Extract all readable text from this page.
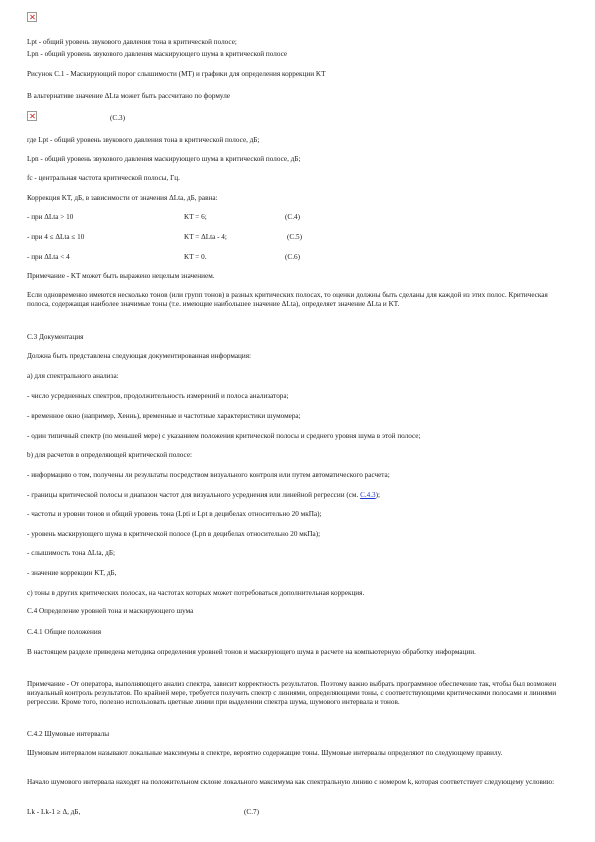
Lpt - общий уровень звукового давления тона в критической полосе;
Lpn - общий уровень звукового давления маскирующего шума в критической полосе
Рисунок С.1 - Маскирующий порог слышимости (МТ) и графики для определения коррекции KT
В альтернативе значение ΔLta может быть рассчитано по формуле
(С.3)
где Lpt - общий уровень звукового давления тона в критической полосе, дБ;
Lpn - общий уровень звукового давления маскирующего шума в критической полосе, дБ;
fc - центральная частота критической полосы, Гц.
Коррекция KT, дБ, в зависимости от значения ΔLta, дБ, равна:
- при ΔLta > 10	KT = 6;	(С.4)
- при 4 ≤ ΔLta ≤ 10	KT = ΔLta - 4;	(С.5)
- при ΔLta < 4	KT = 0.	(С.6)
Примечание - KT может быть выражено нецелым значением.
Если одновременно имеются несколько тонов (или групп тонов) в разных критических полосах, то оценки должны быть сделаны для каждой из этих полос. Критическая полоса, содержащая наиболее значимые тоны (т.е. имеющие наибольшее значение ΔLta), определяет значение ΔLta и KT.
С.3 Документация
Должна быть представлена следующая документированная информация:
а) для спектрального анализа:
- число усредненных спектров, продолжительность измерений и полоса анализатора;
- временное окно (например, Хеннь), временные и частотные характеристики шумомера;
- один типичный спектр (по меньшей мере) с указанием положения критической полосы и среднего уровня шума в этой полосе;
b) для расчетов в определяющей критической полосе:
- информацию о том, получены ли результаты посредством визуального контроля или путем автоматического расчета;
- границы критической полосы и диапазон частот для визуального усреднения или линейной регрессии (см. С.4.3);
- частоты и уровни тонов и общий уровень тона (Lpti и Lpt в децибелах относительно 20 мкПа);
- уровень маскирующего шума в критической полосе (Lpn в децибелах относительно 20 мкПа);
- слышимость тона ΔLta, дБ;
- значение коррекции KT, дБ,
с) тоны в других критических полосах, на частотах которых может потребоваться дополнительная коррекция.
С.4 Определение уровней тона и маскирующего шума
С.4.1 Общие положения
В настоящем разделе приведена методика определения уровней тонов и маскирующего шума в расчете на компьютерную обработку информации.
Примечание - От оператора, выполняющего анализ спектра, зависит корректность результатов. Поэтому важно выбрать программное обеспечение так, чтобы был возможен визуальный контроль результатов. По крайней мере, требуется получить спектр с линиями, определяющими тоны, с соответствующими критическими полосами и линиями регрессии. Кроме того, полезно использовать цветные линии при выделении спектра шума, шумового интервала и тонов.
С.4.2 Шумовые интервалы
Шумовым интервалом называют локальные максимумы в спектре, вероятно содержащие тоны. Шумовые интервалы определяют по следующему правилу.
Начало шумового интервала находят на положительном склоне локального максимума как спектральную линию с номером k, которая соответствует следующему условию:
Lk - Lk-1 ≥ Δ, дБ,	(С.7)
